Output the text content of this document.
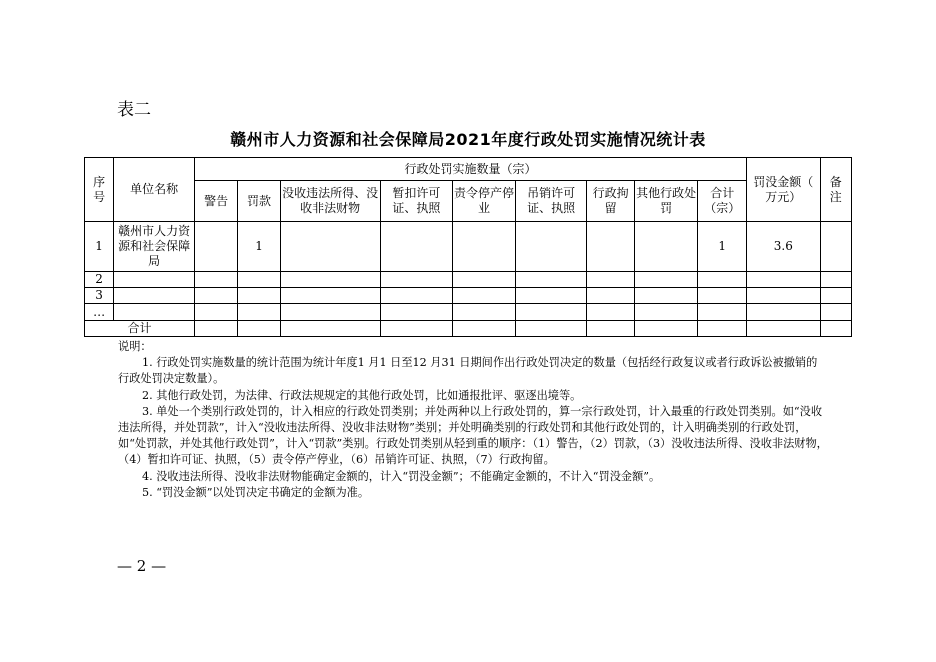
表二
赣州市人力资源和社会保障局2021年度行政处罚实施情况统计表
序号	单位名称	行政处罚实施数量（宗）									罚没金额（ 万元）	备注

		警告	罚款	没收违法所得、没收非法财物	暂扣许可证、执照	责令停产停业	吊销许可证、执照	行政拘留	其他行政处罚	合计（宗）		
1	赣州市人力资源和社会保障局		1							1	3.6	
2												
3												
…												
合计												

说明：

1. 行政处罚实施数量的统计范围为统计年度1 月1 日至12 月31 日期间作出行政处罚决定的数量（包括经行政复议或者行政诉讼被撤销的行政处罚决定数量）。

2. 其他行政处罚，为法律、行政法规规定的其他行政处罚，比如通报批评、驱逐出境等。

3. 单处一个类别行政处罚的，计入相应的行政处罚类别；并处两种以上行政处罚的，算一宗行政处罚，计入最重的行政处罚类别。如“没收违法所得，并处罚款”，计入“没收违法所得、没收非法财物”类别；并处明确类别的行政处罚和其他行政处罚的，计入明确类别的行政处罚，如“处罚款，并处其他行政处罚”，计入“罚款”类别。行政处罚类别从轻到重的顺序：（1）警告，（2）罚款，（3）没收违法所得、没收非法财物，（4）暂扣许可证、执照，（5）责令停产停业，（6）吊销许可证、执照，（7）行政拘留。

4. 没收违法所得、没收非法财物能确定金额的，计入“罚没金额”；不能确定金额的，不计入“罚没金额”。

5. “罚没金额”以处罚决定书确定的金额为准。

— 2 —
